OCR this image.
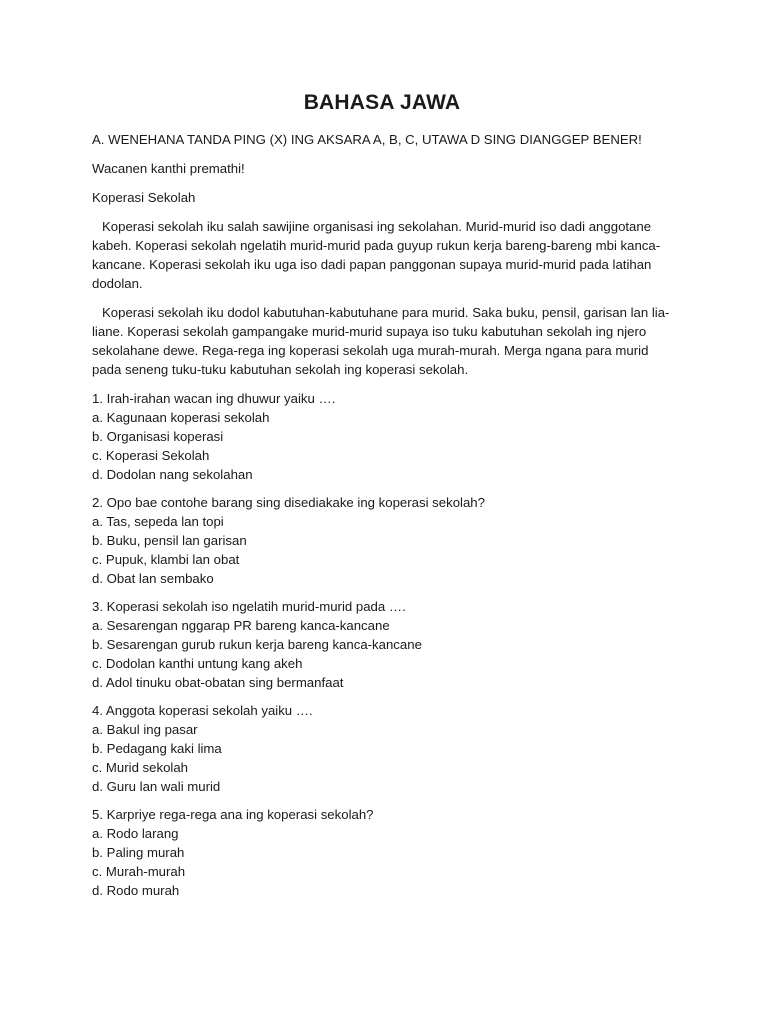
BAHASA JAWA
A. WENEHANA TANDA PING (X) ING AKSARA A, B, C, UTAWA D SING DIANGGEP BENER!
Wacanen kanthi premathi!
Koperasi Sekolah
Koperasi sekolah iku salah sawijine organisasi ing sekolahan. Murid-murid iso dadi anggotane kabeh. Koperasi sekolah ngelatih murid-murid pada guyup rukun kerja bareng-bareng mbi kanca-kancane. Koperasi sekolah iku uga iso dadi papan panggonan supaya murid-murid pada latihan dodolan.
Koperasi sekolah iku dodol kabutuhan-kabutuhane para murid. Saka buku, pensil, garisan lan lia-liane. Koperasi sekolah gampangake murid-murid supaya iso tuku kabutuhan sekolah ing njero sekolahane dewe. Rega-rega ing koperasi sekolah uga murah-murah. Merga ngana para murid pada seneng tuku-tuku kabutuhan sekolah ing koperasi sekolah.
1. Irah-irahan wacan ing dhuwur yaiku ….
a. Kagunaan koperasi sekolah
b. Organisasi koperasi
c. Koperasi Sekolah
d. Dodolan nang sekolahan
2. Opo bae contohe barang sing disediakake ing koperasi sekolah?
a. Tas, sepeda lan topi
b. Buku, pensil lan garisan
c. Pupuk, klambi lan obat
d. Obat lan sembako
3. Koperasi sekolah iso ngelatih murid-murid pada ….
a. Sesarengan nggarap PR bareng kanca-kancane
b. Sesarengan gurub rukun kerja bareng kanca-kancane
c. Dodolan kanthi untung kang akeh
d. Adol tinuku obat-obatan sing bermanfaat
4. Anggota koperasi sekolah yaiku ….
a. Bakul ing pasar
b. Pedagang kaki lima
c. Murid sekolah
d. Guru lan wali murid
5. Karpriye rega-rega ana ing koperasi sekolah?
a. Rodo larang
b. Paling murah
c. Murah-murah
d. Rodo murah
